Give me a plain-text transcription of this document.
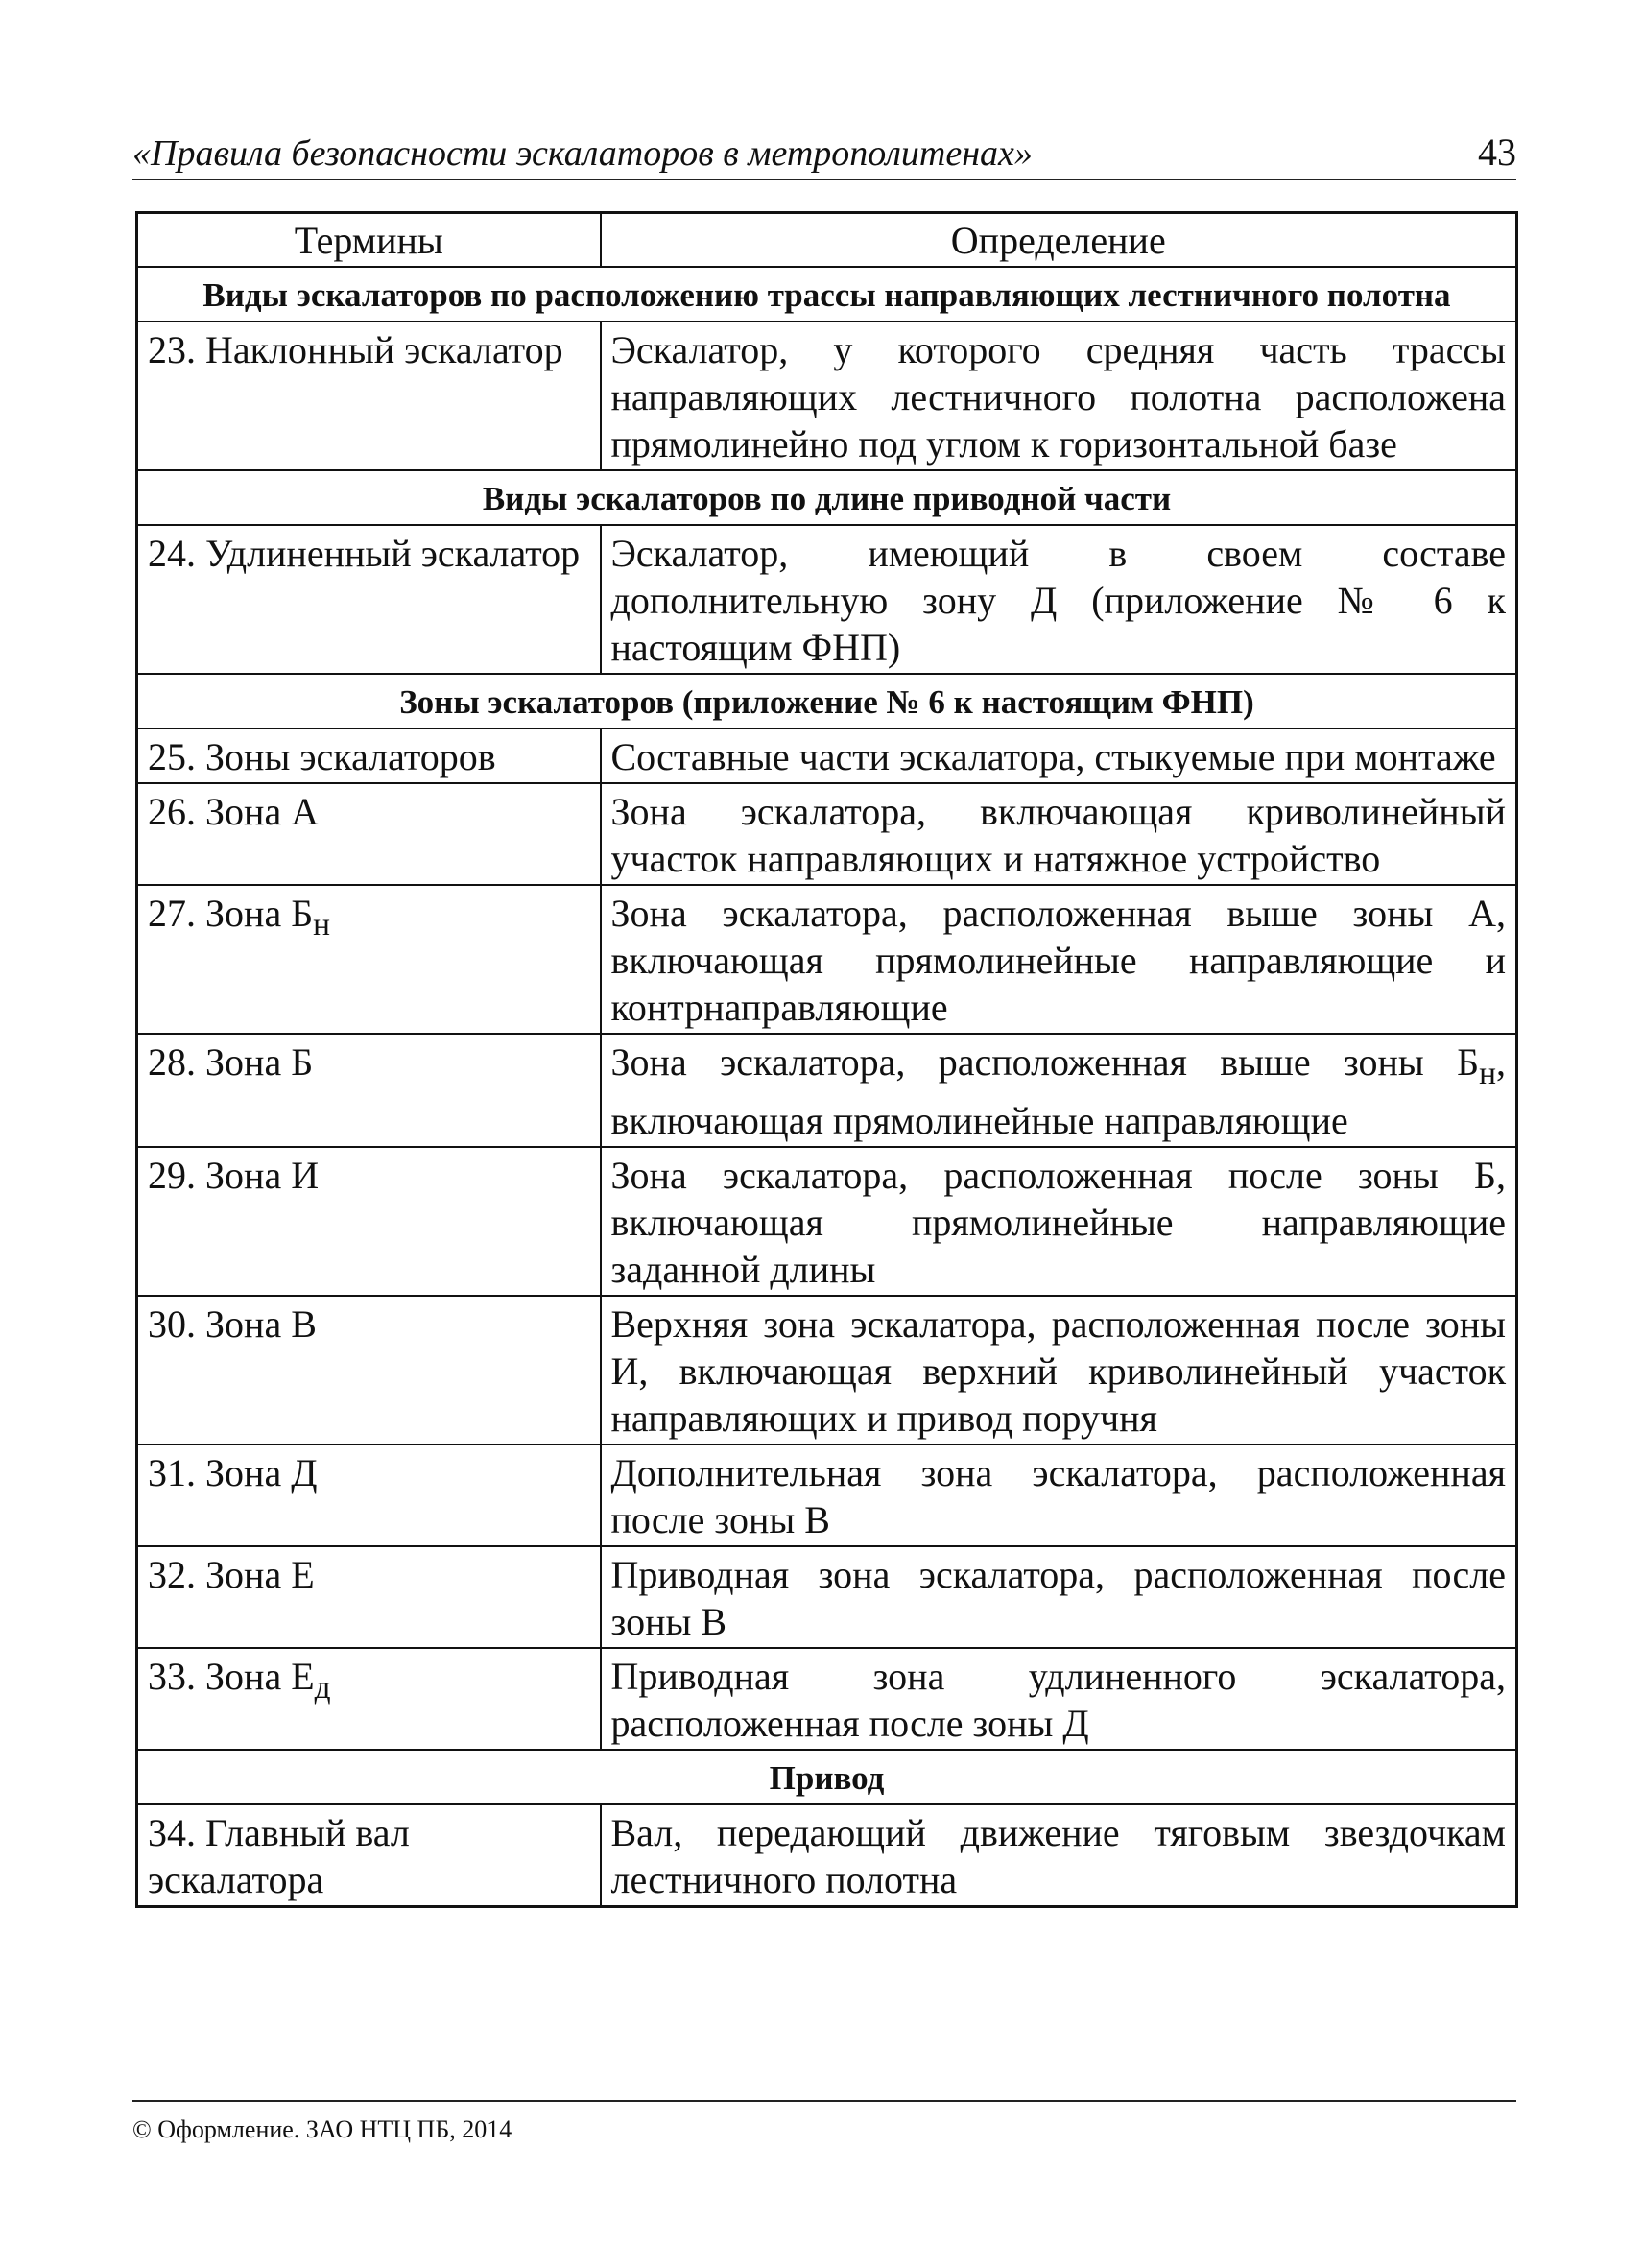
«Правила безопасности эскалаторов в метрополитенах»	43
Термины	Определение
Виды эскалаторов по расположению трассы направляющих лестничного полотна	
23. Наклонный эскалатор	Эскалатор, у которого средняя часть трассы направляющих лестничного полотна расположена прямолинейно под углом к горизонтальной базе
Виды эскалаторов по длине приводной части	
24. Удлиненный эскалатор	Эскалатор, имеющий в своем составе дополнительную зону Д (приложение № 6 к настоящим ФНП)
Зоны эскалаторов (приложение № 6 к настоящим ФНП)	
25. Зоны эскалаторов	Составные части эскалатора, стыкуемые при монтаже
26. Зона А	Зона эскалатора, включающая криволинейный участок направляющих и натяжное устройство
27. Зона $Б_н$	Зона эскалатора, расположенная выше зоны А, включающая прямолинейные направляющие и контрнаправляющие
28. Зона Б	Зона эскалатора, расположенная выше зоны $Б_н$, включающая прямолинейные направляющие
29. Зона И	Зона эскалатора, расположенная после зоны Б, включающая прямолинейные направляющие заданной длины
30. Зона В	Верхняя зона эскалатора, расположенная после зоны И, включающая верхний криволинейный участок направляющих и привод поручня
31. Зона Д	Дополнительная зона эскалатора, расположенная после зоны В
32. Зона Е	Приводная зона эскалатора, расположенная после зоны В
33. Зона $Е_д$	Приводная зона удлиненного эскалатора, расположенная после зоны Д
Привод	
34. Главный вал эскалатора	Вал, передающий движение тяговым звездочкам лестничного полотна
© Оформление. ЗАО НТЦ ПБ, 2014
